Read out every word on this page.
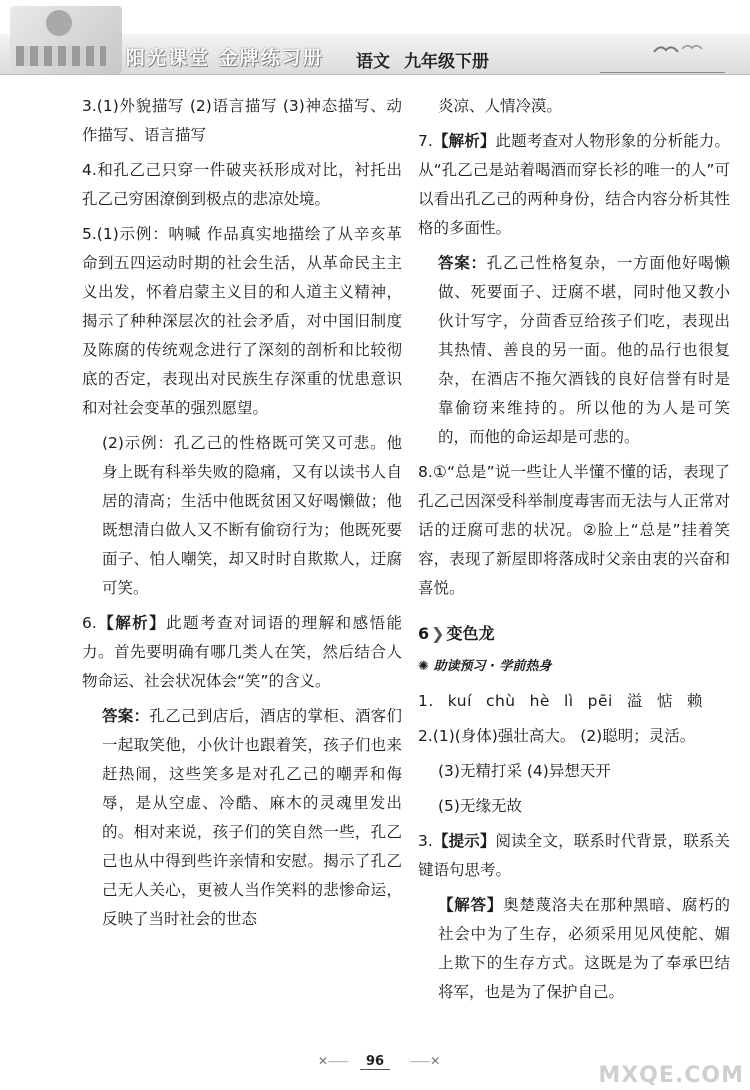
阳光课堂 金牌练习册 语文 九年级下册

3.(1)外貌描写 (2)语言描写 (3)神态描写、动作描写、语言描写

4.和孔乙己只穿一件破夹袄形成对比，衬托出孔乙己穷困潦倒到极点的悲凉处境。

5.(1)示例：呐喊 作品真实地描绘了从辛亥革命到五四运动时期的社会生活，从革命民主主义出发，怀着启蒙主义目的和人道主义精神，揭示了种种深层次的社会矛盾，对中国旧制度及陈腐的传统观念进行了深刻的剖析和比较彻底的否定，表现出对民族生存深重的忧患意识和对社会变革的强烈愿望。

(2)示例：孔乙己的性格既可笑又可悲。他身上既有科举失败的隐痛，又有以读书人自居的清高；生活中他既贫困又好喝懒做；他既想清白做人又不断有偷窃行为；他既死要面子、怕人嘲笑，却又时时自欺欺人，迂腐可笑。

6.【解析】此题考查对词语的理解和感悟能力。首先要明确有哪几类人在笑，然后结合人物命运、社会状况体会“笑”的含义。

答案：孔乙己到店后，酒店的掌柜、酒客们一起取笑他，小伙计也跟着笑，孩子们也来赶热闹，这些笑多是对孔乙己的嘲弄和侮辱，是从空虚、冷酷、麻木的灵魂里发出的。相对来说，孩子们的笑自然一些，孔乙己也从中得到些许亲情和安慰。揭示了孔乙己无人关心，更被人当作笑料的悲惨命运，反映了当时社会的世态

炎凉、人情冷漠。

7.【解析】此题考查对人物形象的分析能力。从“孔乙己是站着喝酒而穿长衫的唯一的人”可以看出孔乙己的两种身份，结合内容分析其性格的多面性。

答案：孔乙己性格复杂，一方面他好喝懒做、死要面子、迂腐不堪，同时他又教小伙计写字，分茴香豆给孩子们吃，表现出其热情、善良的另一面。他的品行也很复杂，在酒店不拖欠酒钱的良好信誉有时是靠偷窃来维持的。所以他的为人是可笑的，而他的命运却是可悲的。

8.①“总是”说一些让人半懂不懂的话，表现了孔乙己因深受科举制度毒害而无法与人正常对话的迂腐可悲的状况。②脸上“总是”挂着笑容，表现了新屋即将落成时父亲由衷的兴奋和喜悦。

6 ❯ 变色龙
✺ 助读预习 · 学前热身

1. kuí chù hè lì pēi 溢 惦 赖

2.(1)(身体)强壮高大。 (2)聪明；灵活。

(3)无精打采 (4)异想天开

(5)无缘无故

3.【提示】阅读全文，联系时代背景，联系关键语句思考。

【解答】奥楚蔑洛夫在那种黑暗、腐朽的社会中为了生存，必须采用见风使舵、媚上欺下的生存方式。这既是为了奉承巴结将军，也是为了保护自己。

✕⸺	96	⸺✕
MXQE.COM
